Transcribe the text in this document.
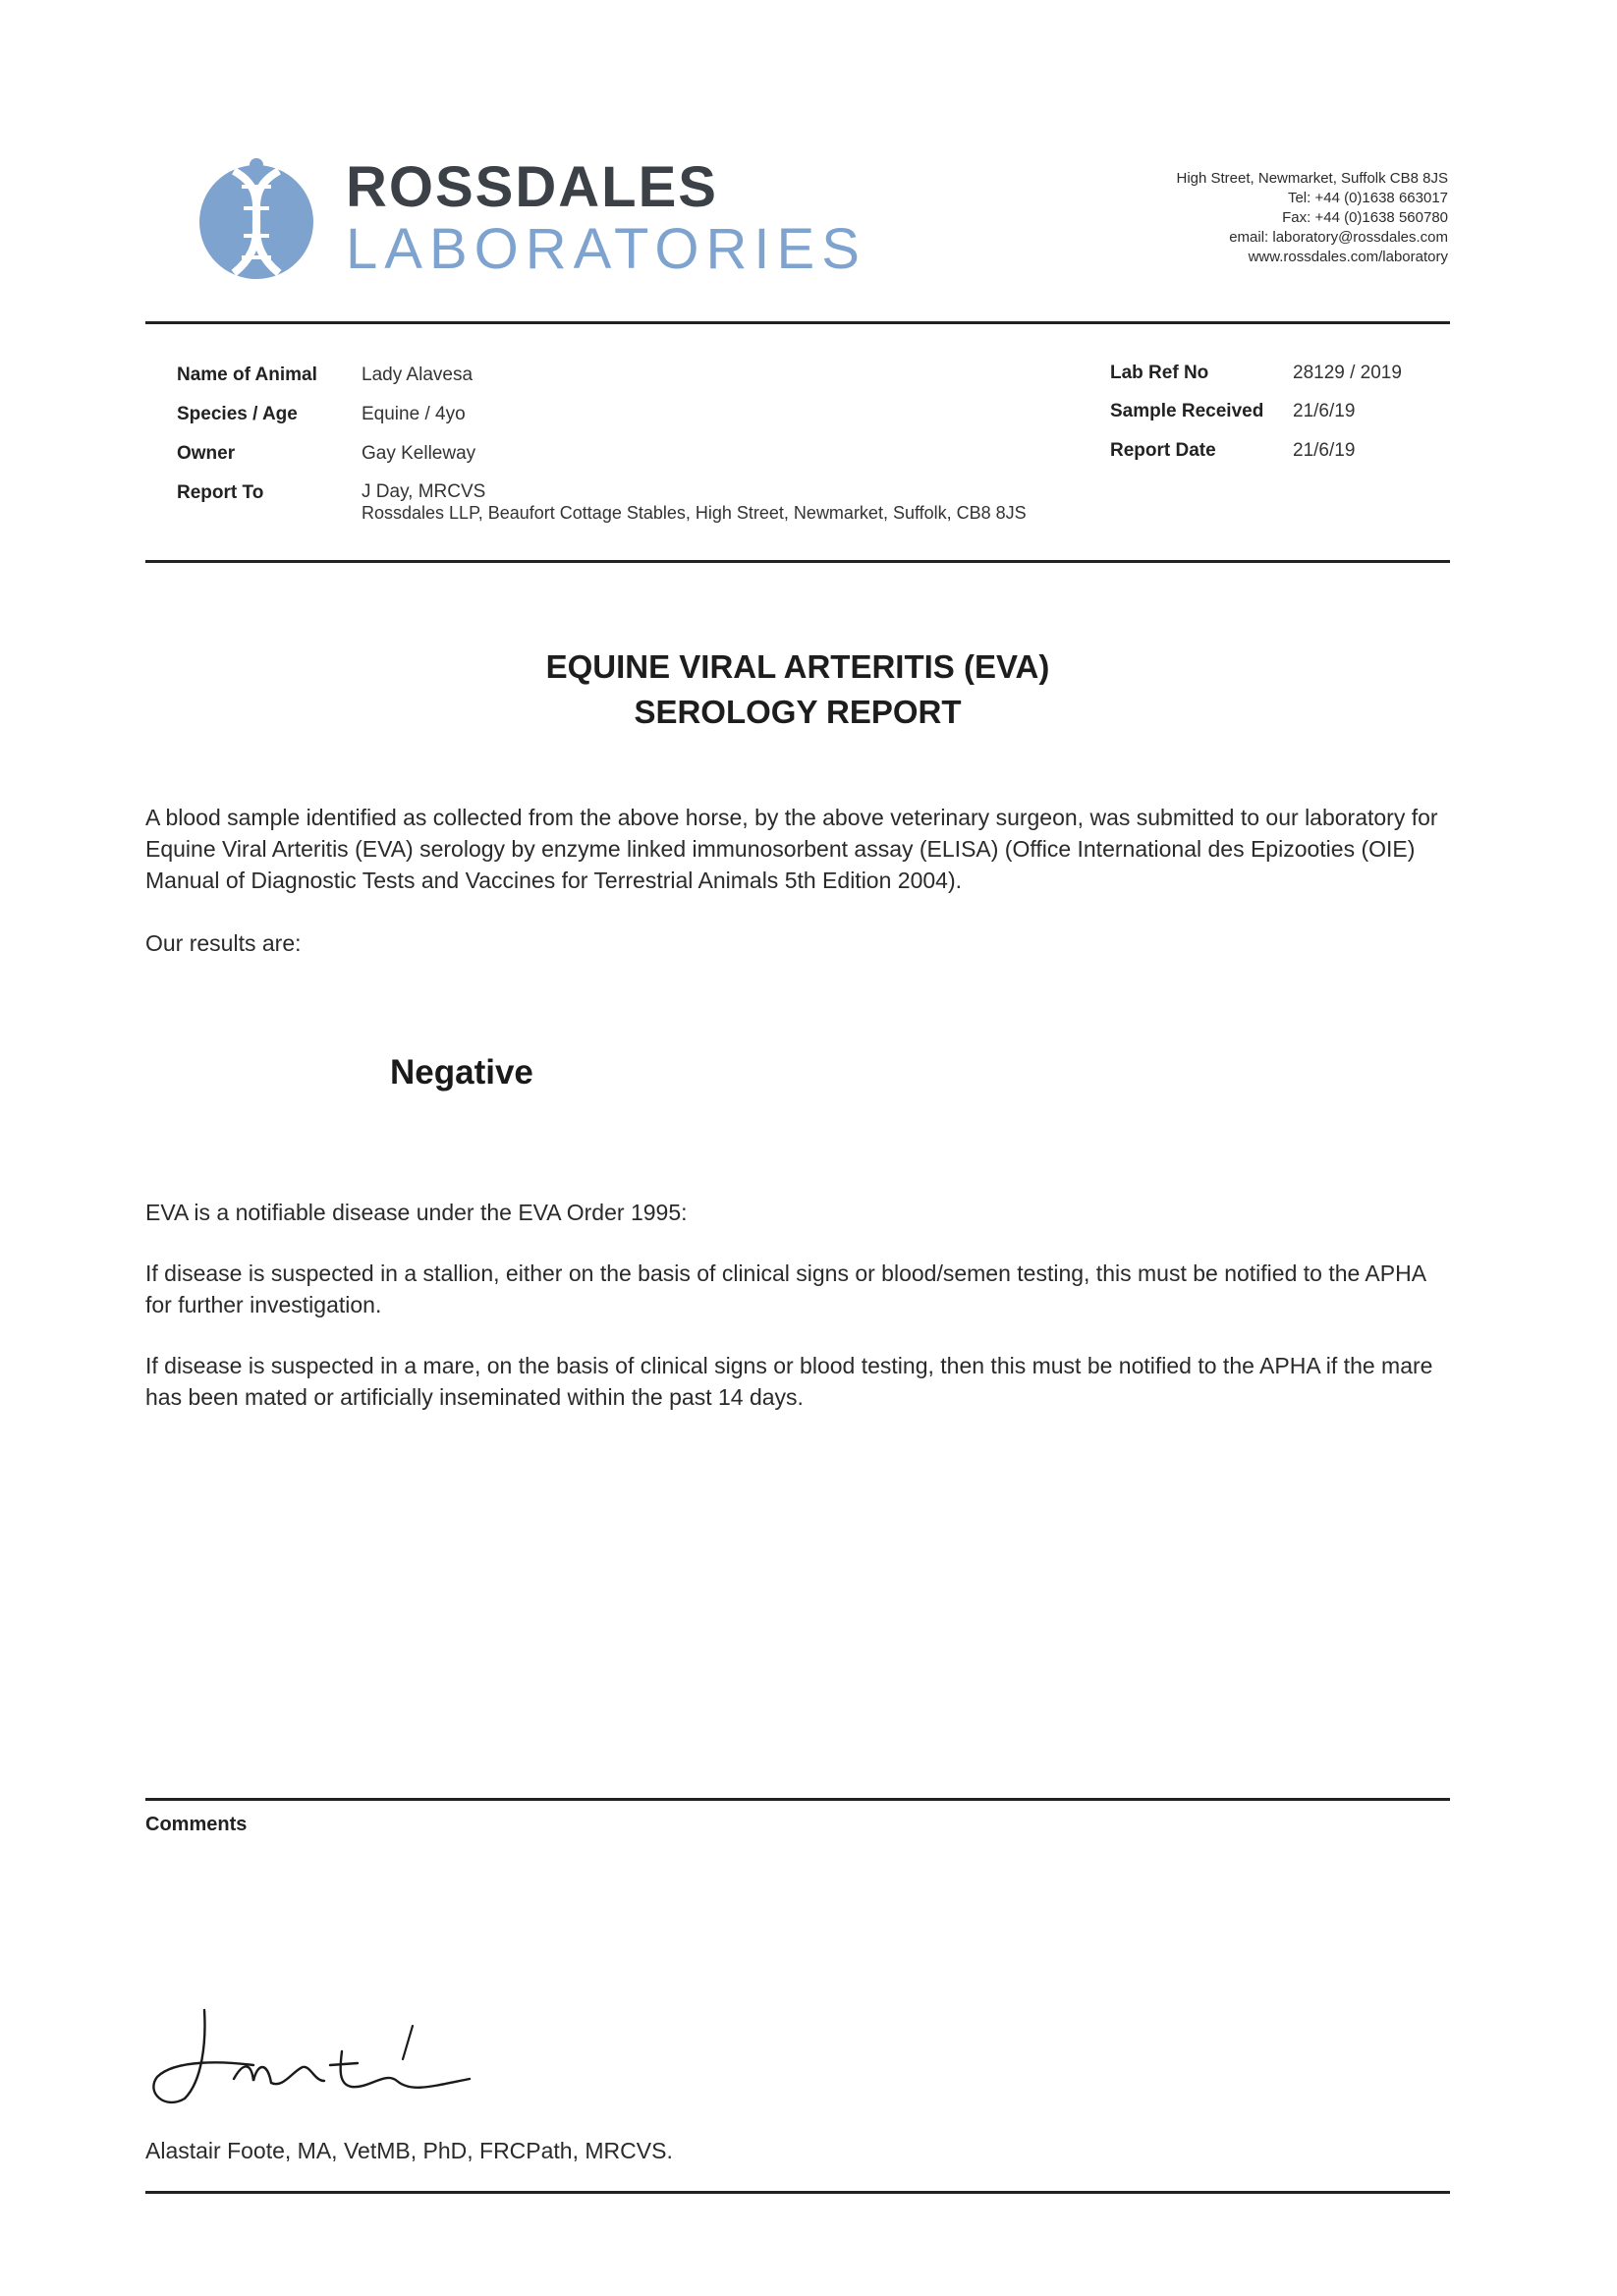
ROSSDALES
LABORATORIES
High Street, Newmarket, Suffolk CB8 8JS
Tel: +44 (0)1638 663017
Fax: +44 (0)1638 560780
email: laboratory@rossdales.com
www.rossdales.com/laboratory
Name of Animal Lady Alavesa
Species / Age	Equine / 4yo
Owner	Gay Kelleway
Report To	J Day, MRCVS
Rossdales LLP, Beaufort Cottage Stables, High Street, Newmarket, Suffolk, CB8 8JS
Lab Ref No	28129 / 2019
Sample Received 21/6/19
Report Date	21/6/19
EQUINE VIRAL ARTERITIS (EVA)
SEROLOGY REPORT
A blood sample identified as collected from the above horse, by the above veterinary surgeon, was submitted to our laboratory for Equine Viral Arteritis (EVA) serology by enzyme linked immunosorbent assay (ELISA) (Office International des Epizooties (OIE) Manual of Diagnostic Tests and Vaccines for Terrestrial Animals 5th Edition 2004).
Our results are:
Negative
EVA is a notifiable disease under the EVA Order 1995:
If disease is suspected in a stallion, either on the basis of clinical signs or blood/semen testing, this must be notified to the APHA for further investigation.
If disease is suspected in a mare, on the basis of clinical signs or blood testing, then this must be notified to the APHA if the mare has been mated or artificially inseminated within the past 14 days.
Comments
Alastair Foote, MA, VetMB, PhD, FRCPath, MRCVS.
